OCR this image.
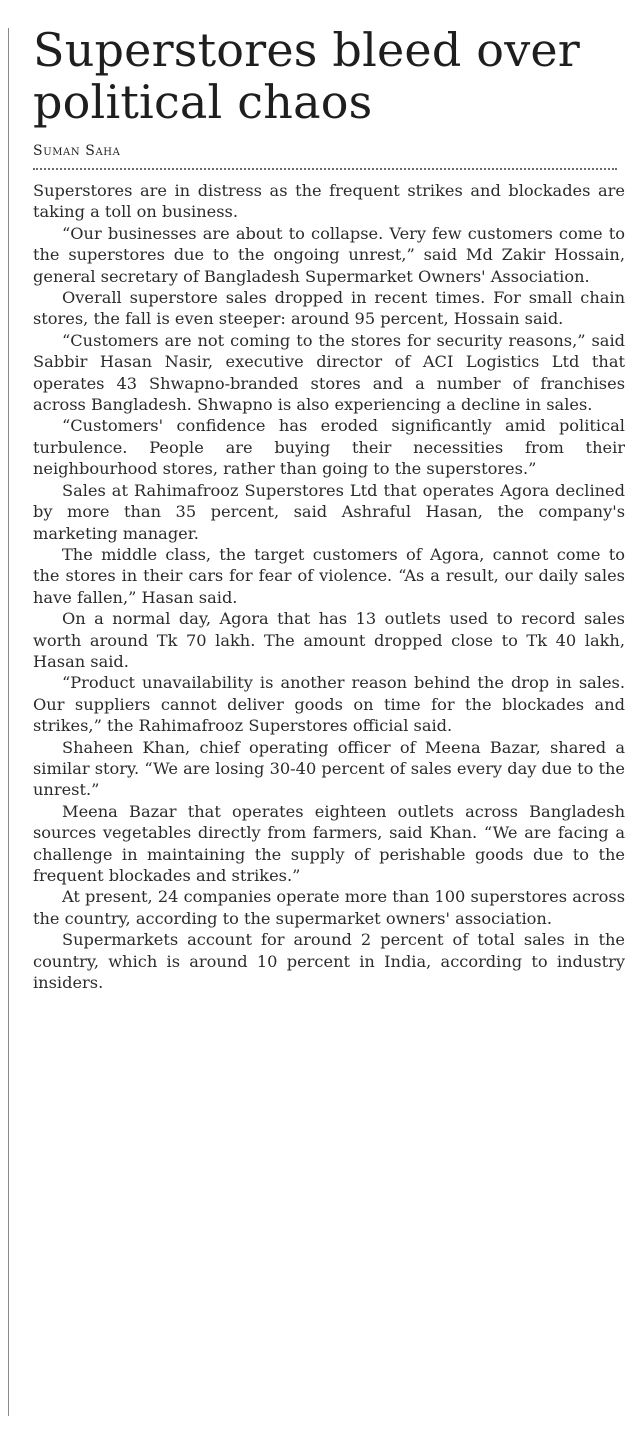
Superstores bleed over political chaos
Suman Saha

Superstores are in distress as the frequent strikes and blockades are taking a toll on business.

“Our businesses are about to collapse. Very few customers come to the superstores due to the ongoing unrest,” said Md Zakir Hossain, general secretary of Bangladesh Supermarket Owners' Association.

Overall superstore sales dropped in recent times. For small chain stores, the fall is even steeper: around 95 percent, Hossain said.

“Customers are not coming to the stores for security reasons,” said Sabbir Hasan Nasir, executive director of ACI Logistics Ltd that operates 43 Shwapno-branded stores and a number of franchises across Bangladesh. Shwapno is also experiencing a decline in sales.

“Customers' confidence has eroded significantly amid political turbulence. People are buying their necessities from their neighbourhood stores, rather than going to the superstores.”

Sales at Rahimafrooz Superstores Ltd that operates Agora declined by more than 35 percent, said Ashraful Hasan, the company's marketing manager.

The middle class, the target customers of Agora, cannot come to the stores in their cars for fear of violence. “As a result, our daily sales have fallen,” Hasan said.

On a normal day, Agora that has 13 outlets used to record sales worth around Tk 70 lakh. The amount dropped close to Tk 40 lakh, Hasan said.

“Product unavailability is another reason behind the drop in sales. Our suppliers cannot deliver goods on time for the blockades and strikes,” the Rahimafrooz Superstores official said.

Shaheen Khan, chief operating officer of Meena Bazar, shared a similar story. “We are losing 30-40 percent of sales every day due to the unrest.”

Meena Bazar that operates eighteen outlets across Bangladesh sources vegetables directly from farmers, said Khan. “We are facing a challenge in maintaining the supply of perishable goods due to the frequent blockades and strikes.”

At present, 24 companies operate more than 100 superstores across the country, according to the supermarket owners' association.

Supermarkets account for around 2 percent of total sales in the country, which is around 10 percent in India, according to industry insiders.
